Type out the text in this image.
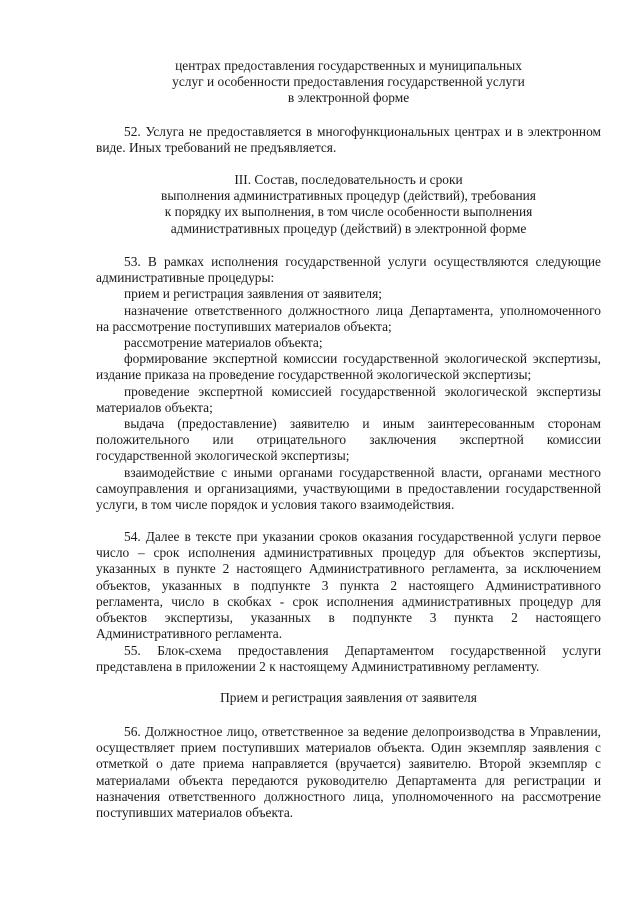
центрах предоставления государственных и муниципальных
услуг и особенности предоставления государственной услуги
в электронной форме

52. Услуга не предоставляется в многофункциональных центрах и в электронном виде. Иных требований не предъявляется.

III. Состав, последовательность и сроки
выполнения административных процедур (действий), требования
к порядку их выполнения, в том числе особенности выполнения
административных процедур (действий) в электронной форме

53. В рамках исполнения государственной услуги осуществляются следующие административные процедуры:

прием и регистрация заявления от заявителя;

назначение ответственного должностного лица Департамента, уполномоченного на рассмотрение поступивших материалов объекта;

рассмотрение материалов объекта;

формирование экспертной комиссии государственной экологической экспертизы, издание приказа на проведение государственной экологической экспертизы;

проведение экспертной комиссией государственной экологической экспертизы материалов объекта;

выдача (предоставление) заявителю и иным заинтересованным сторонам положительного или отрицательного заключения экспертной комиссии государственной экологической экспертизы;

взаимодействие с иными органами государственной власти, органами местного самоуправления и организациями, участвующими в предоставлении государственной услуги, в том числе порядок и условия такого взаимодействия.

54. Далее в тексте при указании сроков оказания государственной услуги первое число – срок исполнения административных процедур для объектов экспертизы, указанных в пункте 2 настоящего Административного регламента, за исключением объектов, указанных в подпункте 3 пункта 2 настоящего Административного регламента, число в скобках - срок исполнения административных процедур для объектов экспертизы, указанных в подпункте 3 пункта 2 настоящего Административного регламента.

55. Блок-схема предоставления Департаментом государственной услуги представлена в приложении 2 к настоящему Административному регламенту.

Прием и регистрация заявления от заявителя

56. Должностное лицо, ответственное за ведение делопроизводства в Управлении, осуществляет прием поступивших материалов объекта. Один экземпляр заявления с отметкой о дате приема направляется (вручается) заявителю. Второй экземпляр с материалами объекта передаются руководителю Департамента для регистрации и назначения ответственного должностного лица, уполномоченного на рассмотрение поступивших материалов объекта.
